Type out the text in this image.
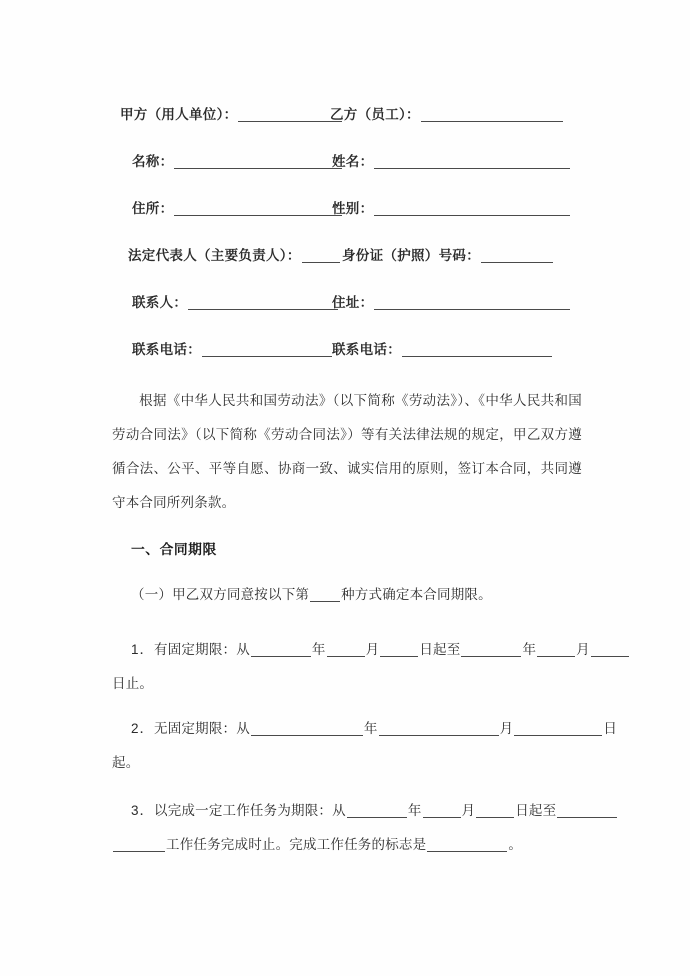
甲方（用人单位）：	乙方（员工）：
名称：	姓名：
住所：	性别：
法定代表人（主要负责人）：	身份证（护照）号码：
联系人：	住址：
联系电话：	联系电话：
根据《中华人民共和国劳动法》（以下简称《劳动法》）、《中华人民共和国劳动合同法》（以下简称《劳动合同法》）等有关法律法规的规定，甲乙双方遵循合法、公平、平等自愿、协商一致、诚实信用的原则，签订本合同，共同遵守本合同所列条款。
一、合同期限
（一）甲乙双方同意按以下第 种方式确定本合同期限。
1．有固定期限：从	年	月	日起至	年	月
日止。
2．无固定期限：从	年	月	日
起。
3．以完成一定工作任务为期限：从	年	月	日起至
工作任务完成时止。完成工作任务的标志是	。
